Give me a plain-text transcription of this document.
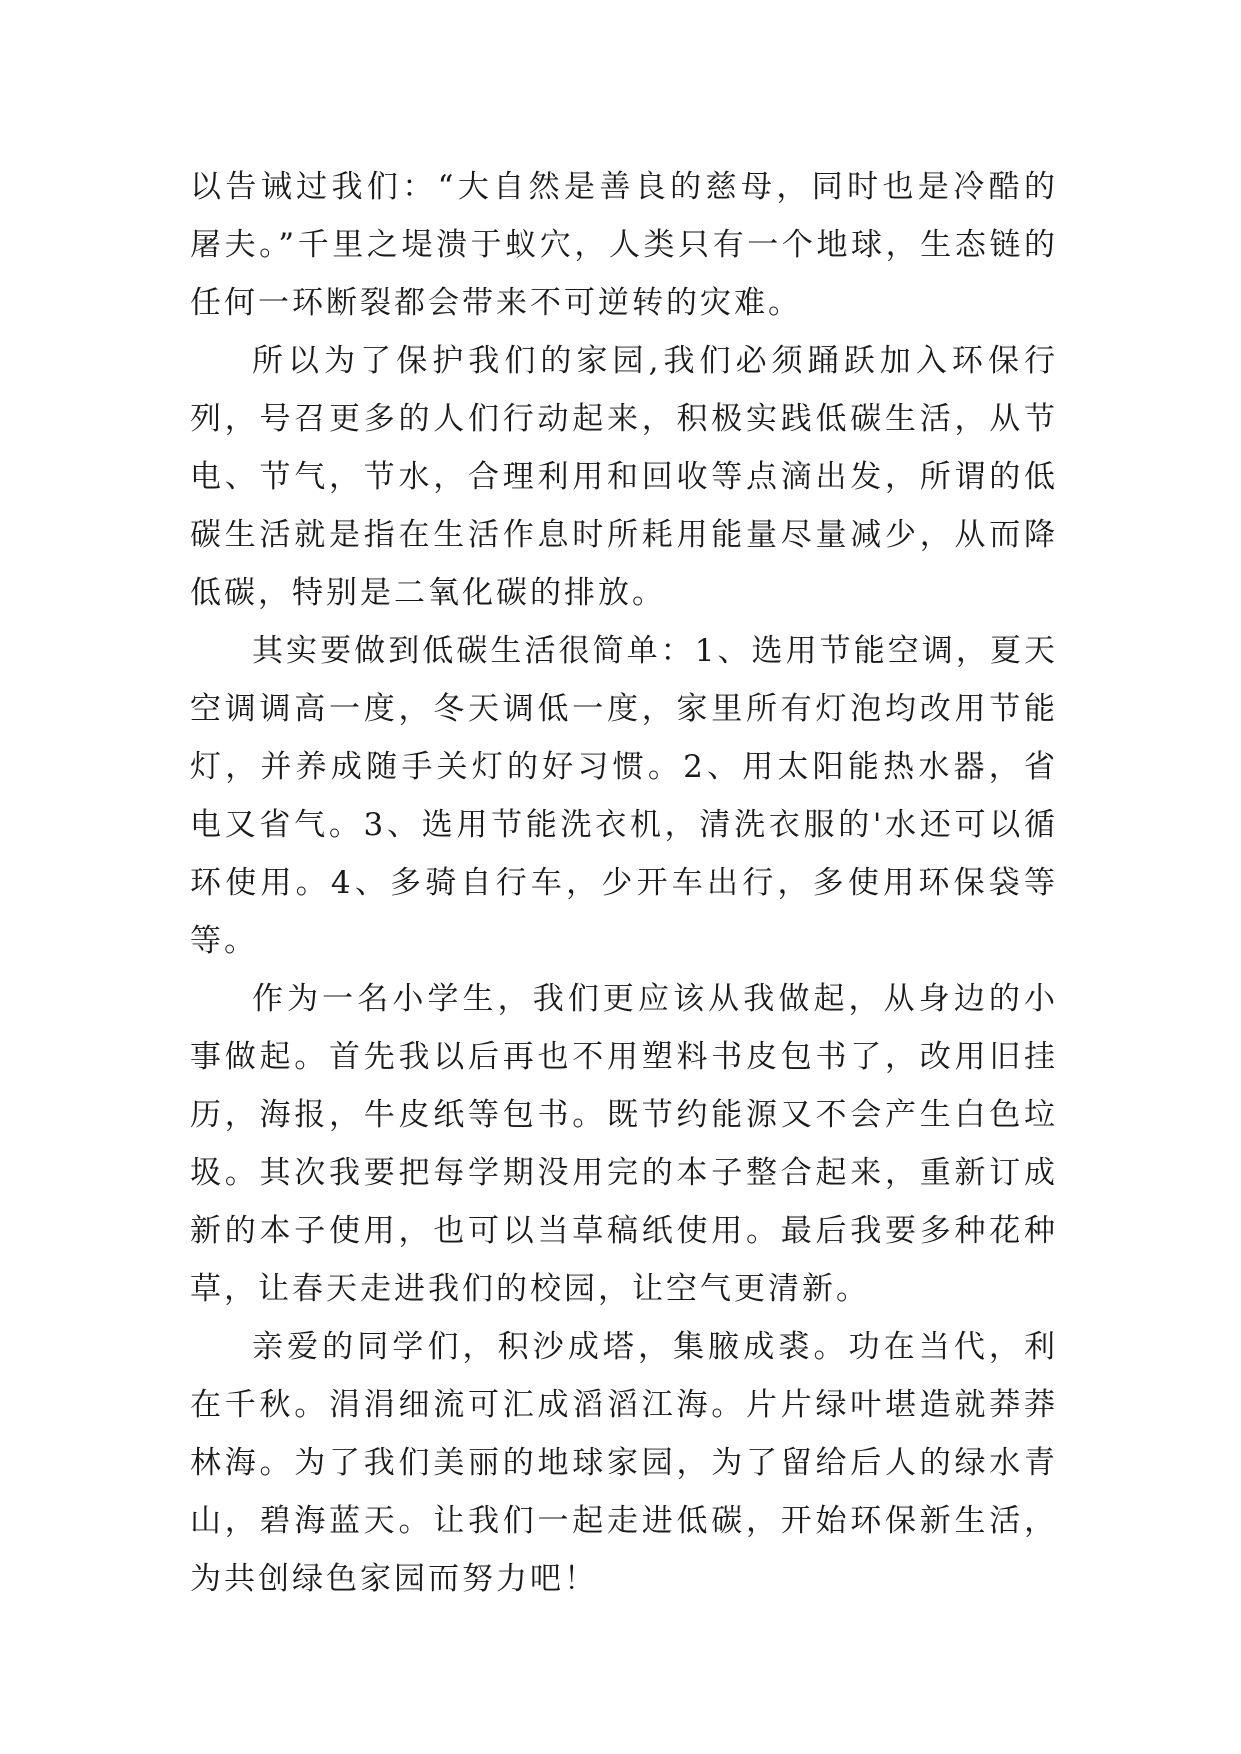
以告诫过我们：“大自然是善良的慈母，同时也是冷酷的屠夫。”千里之堤溃于蚁穴，人类只有一个地球，生态链的任何一环断裂都会带来不可逆转的灾难。

所以为了保护我们的家园,我们必须踊跃加入环保行列，号召更多的人们行动起来，积极实践低碳生活，从节电、节气，节水，合理利用和回收等点滴出发，所谓的低碳生活就是指在生活作息时所耗用能量尽量减少，从而降低碳，特别是二氧化碳的排放。

其实要做到低碳生活很简单：1、选用节能空调，夏天空调调高一度，冬天调低一度，家里所有灯泡均改用节能灯，并养成随手关灯的好习惯。2、用太阳能热水器，省电又省气。3、选用节能洗衣机，清洗衣服的'水还可以循环使用。4、多骑自行车，少开车出行，多使用环保袋等等。

作为一名小学生，我们更应该从我做起，从身边的小事做起。首先我以后再也不用塑料书皮包书了，改用旧挂历，海报，牛皮纸等包书。既节约能源又不会产生白色垃圾。其次我要把每学期没用完的本子整合起来，重新订成新的本子使用，也可以当草稿纸使用。最后我要多种花种草，让春天走进我们的校园，让空气更清新。

亲爱的同学们，积沙成塔，集腋成裘。功在当代，利在千秋。涓涓细流可汇成滔滔江海。片片绿叶堪造就莽莽林海。为了我们美丽的地球家园，为了留给后人的绿水青山，碧海蓝天。让我们一起走进低碳，开始环保新生活，为共创绿色家园而努力吧！
